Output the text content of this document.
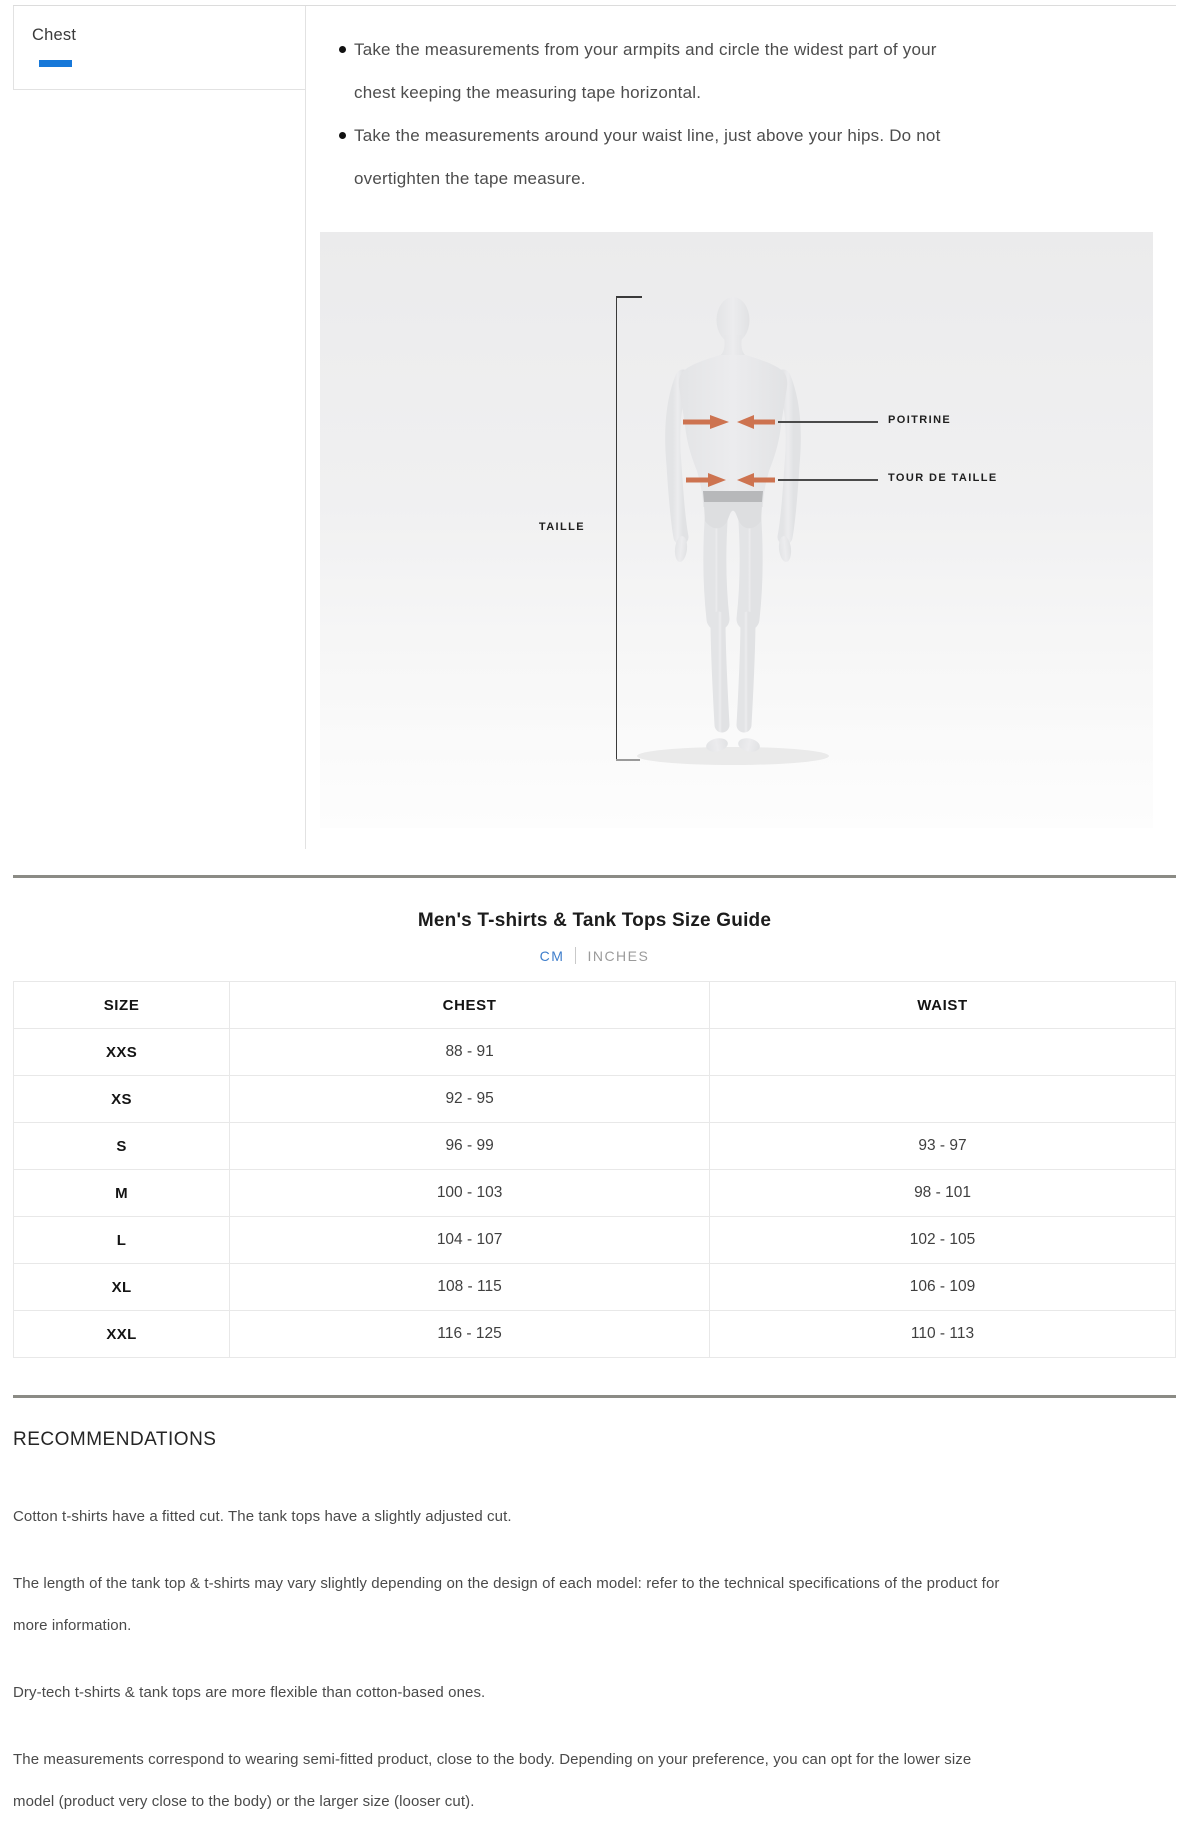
Chest
Take the measurements from your armpits and circle the widest part of your chest keeping the measuring tape horizontal.
Take the measurements around your waist line, just above your hips. Do not overtighten the tape measure.
TAILLE
POITRINE
TOUR DE TAILLE
Men's T-shirts & Tank Tops Size Guide
CM INCHES
SIZE	CHEST	WAIST
XXS	88 - 91	
XS	92 - 95	
S	96 - 99	93 - 97
M	100 - 103	98 - 101
L	104 - 107	102 - 105
XL	108 - 115	106 - 109
XXL	116 - 125	110 - 113
RECOMMENDATIONS

Cotton t-shirts have a fitted cut. The tank tops have a slightly adjusted cut.

The length of the tank top & t-shirts may vary slightly depending on the design of each model: refer to the technical specifications of the product for more information.

Dry-tech t-shirts & tank tops are more flexible than cotton-based ones.

The measurements correspond to wearing semi-fitted product, close to the body. Depending on your preference, you can opt for the lower size model (product very close to the body) or the larger size (looser cut).
